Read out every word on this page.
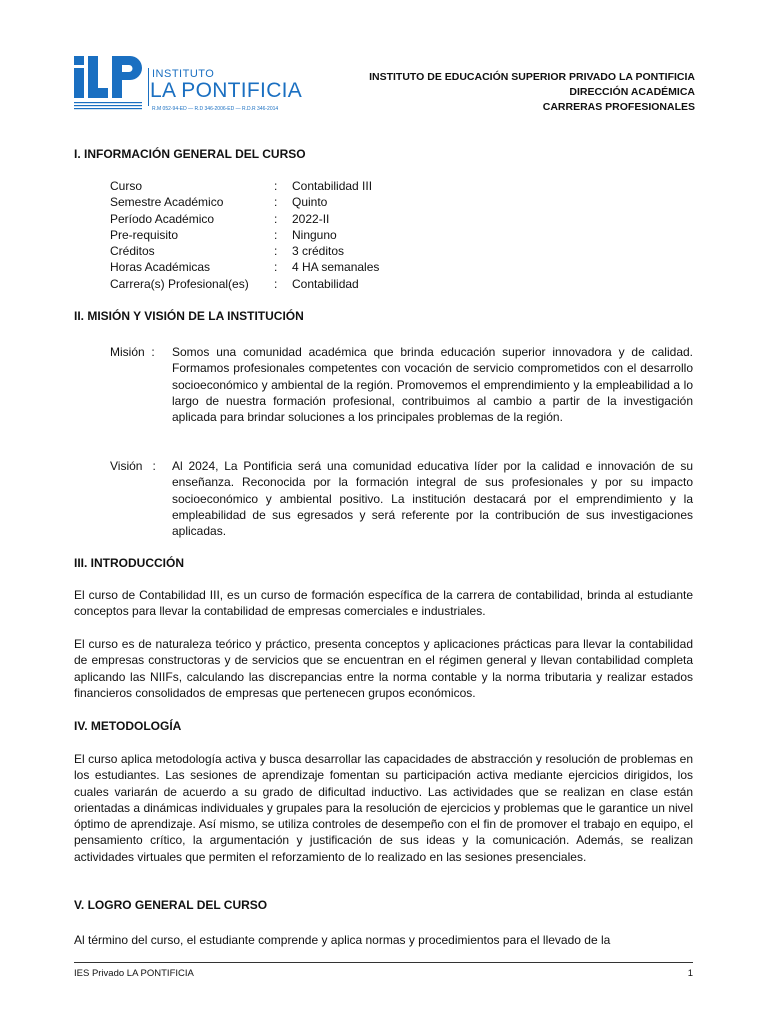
INSTITUTO
LA PONTIFICIA
R.M 052-94-ED — R.D 346-2006-ED — R.D.R 346-2014
INSTITUTO DE EDUCACIÓN SUPERIOR PRIVADO LA PONTIFICIA
DIRECCIÓN ACADÉMICA
CARRERAS PROFESIONALES
I. INFORMACIÓN GENERAL DEL CURSO
Curso	:	Contabilidad III
Semestre Académico	:	Quinto
Período Académico	:	2022-II
Pre-requisito	:	Ninguno
Créditos	:	3 créditos
Horas Académicas	:	4 HA semanales
Carrera(s) Profesional(es)	:	Contabilidad
II. MISIÓN Y VISIÓN DE LA INSTITUCIÓN
Misión  :	Somos una comunidad académica que brinda educación superior innovadora y de calidad. Formamos profesionales competentes con vocación de servicio comprometidos con el desarrollo socioeconómico y ambiental de la región. Promovemos el emprendimiento y la empleabilidad a lo largo de nuestra formación profesional, contribuimos al cambio a partir de la investigación aplicada para brindar soluciones a los principales problemas de la región.
Visión   :	Al 2024, La Pontificia será una comunidad educativa líder por la calidad e innovación de su enseñanza. Reconocida por la formación integral de sus profesionales y por su impacto socioeconómico y ambiental positivo. La institución destacará por el emprendimiento y la empleabilidad de sus egresados y será referente por la contribución de sus investigaciones aplicadas.
III. INTRODUCCIÓN
El curso de Contabilidad III, es un curso de formación específica de la carrera de contabilidad, brinda al estudiante conceptos para llevar la contabilidad de empresas comerciales e industriales.
El curso es de naturaleza teórico y práctico, presenta conceptos y aplicaciones prácticas para llevar la contabilidad de empresas constructoras y de servicios que se encuentran en el régimen general y llevan contabilidad completa aplicando las NIIFs, calculando las discrepancias entre la norma contable y la norma tributaria y realizar estados financieros consolidados de empresas que pertenecen grupos económicos.
IV. METODOLOGÍA
El curso aplica metodología activa y busca desarrollar las capacidades de abstracción y resolución de problemas en los estudiantes. Las sesiones de aprendizaje fomentan su participación activa mediante ejercicios dirigidos, los cuales variarán de acuerdo a su grado de dificultad inductivo. Las actividades que se realizan en clase están orientadas a dinámicas individuales y grupales para la resolución de ejercicios y problemas que le garantice un nivel óptimo de aprendizaje. Así mismo, se utiliza controles de desempeño con el fin de promover el trabajo en equipo, el pensamiento crítico, la argumentación y justificación de sus ideas y la comunicación. Además, se realizan actividades virtuales que permiten el reforzamiento de lo realizado en las sesiones presenciales.
V. LOGRO GENERAL DEL CURSO
Al término del curso, el estudiante comprende y aplica normas y procedimientos para el llevado de la
IES Privado LA PONTIFICIA	1
